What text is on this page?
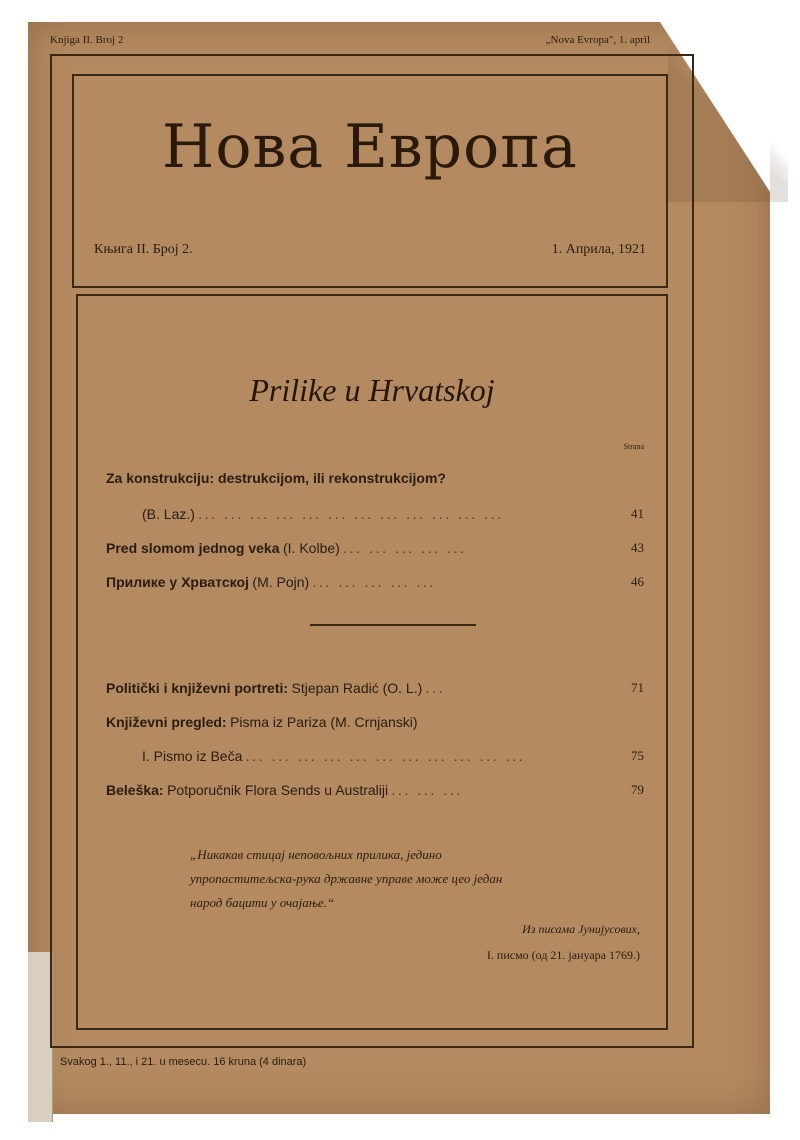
Knjiga II. Broj 2	„Nova Evropa", 1. april
Нова Европа
Књига II. Број 2.	1. Априла, 1921
Prilike u Hrvatskoj
Strana
Za konstrukciju: destrukcijom, ili rekonstrukcijom?
(B. Laz.) ... ... ... ... ... ... ... ... ... ... ... ...	41
Pred slomom jednog veka (I. Kolbe) ... ... ... ... ...	43
Прилике у Хрватској (M. Pojn) ... ... ... ... ...	46
Politički i književni portreti: Stjepan Radić (O. L.) ...	71
Književni pregled: Pisma iz Pariza (M. Crnjanski)
I. Pismo iz Beča ... ... ... ... ... ... ... ... ... ... ...	75
Beleška: Potporučnik Flora Sends u Australiji ... ... ...	79
„Никакав стицај неповољних прилика, једино
упропаститељска-рука државне управе може цео један
народ бацити у очајање.“
Из писама Јунијусових,
I. писмо (од 21. јануара 1769.)
Svakog 1., 11., i 21. u mesecu. 16 kruna (4 dinara)
